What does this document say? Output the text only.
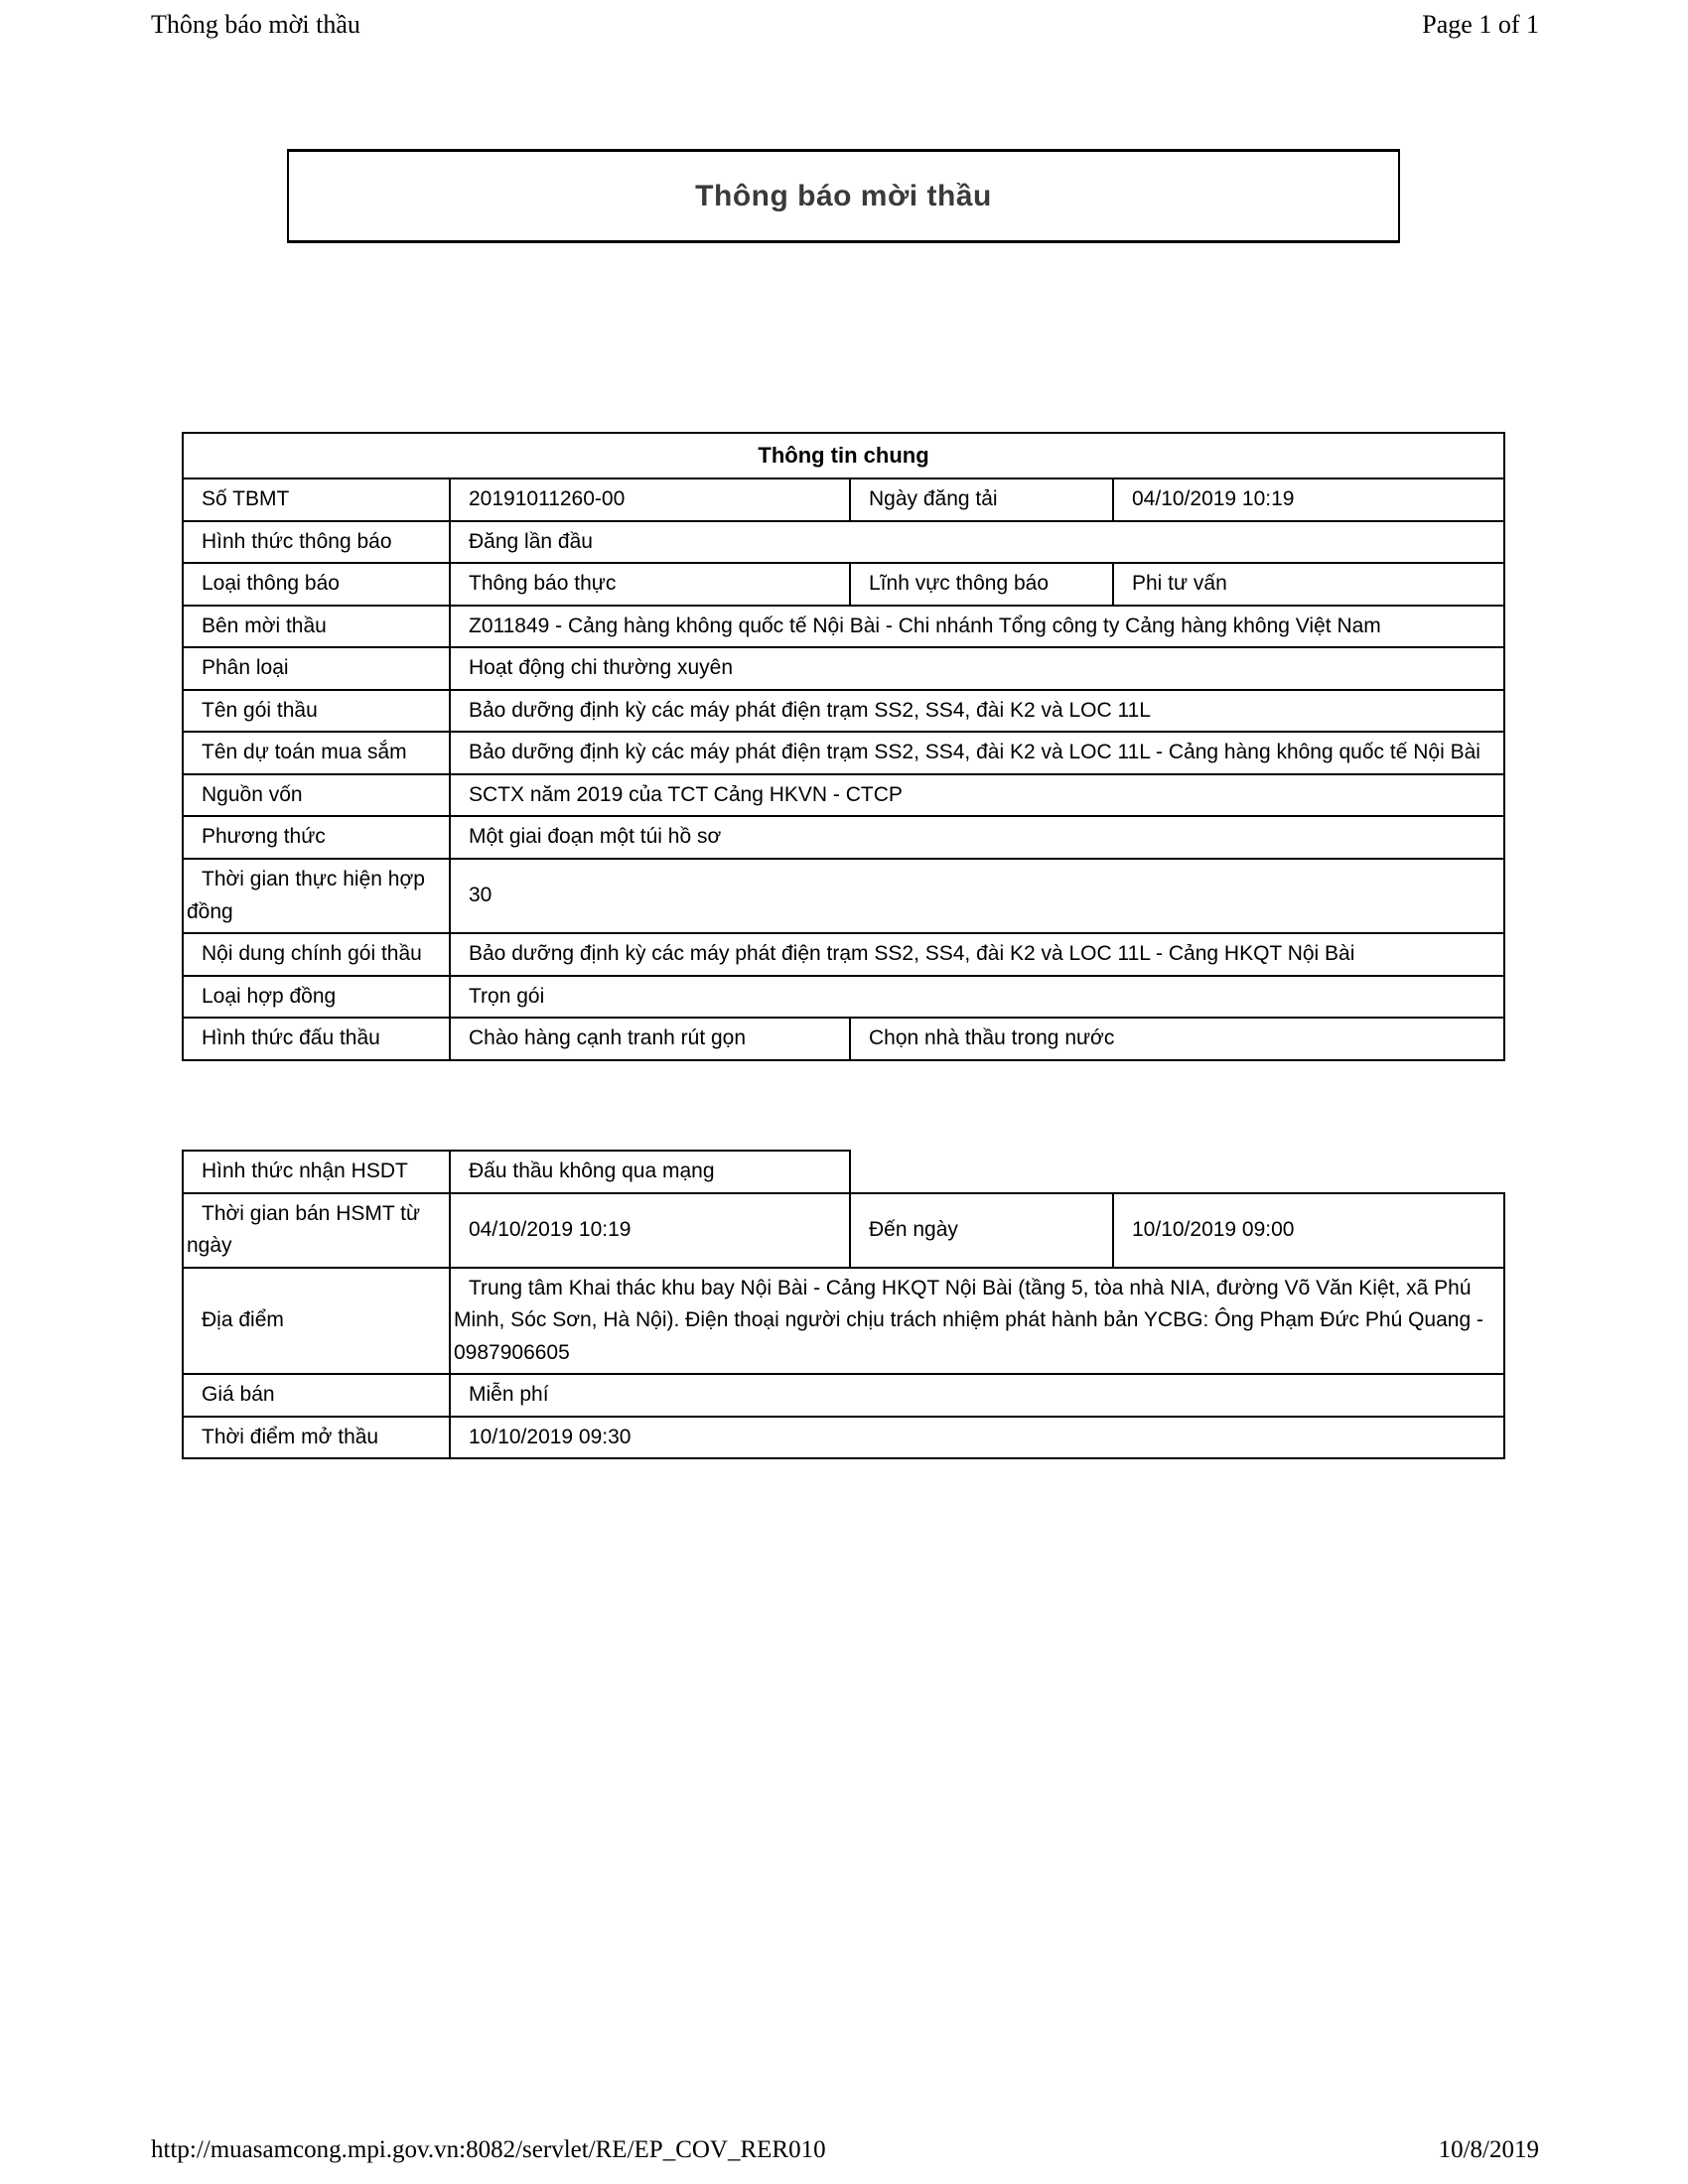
Thông báo mời thầu	Page 1 of 1
Thông báo mời thầu
Thông tin chung			
Số TBMT	20191011260-00	Ngày đăng tải	04/10/2019 10:19
Hình thức thông báo	Đăng lần đầu		
Loại thông báo	Thông báo thực	Lĩnh vực thông báo	Phi tư vấn
Bên mời thầu	Z011849 - Cảng hàng không quốc tế Nội Bài - Chi nhánh Tổng công ty Cảng hàng không Việt Nam		
Phân loại	Hoạt động chi thường xuyên		
Tên gói thầu	Bảo dưỡng định kỳ các máy phát điện trạm SS2, SS4, đài K2 và LOC 11L		
Tên dự toán mua sắm	Bảo dưỡng định kỳ các máy phát điện trạm SS2, SS4, đài K2 và LOC 11L - Cảng hàng không quốc tế Nội Bài		
Nguồn vốn	SCTX năm 2019 của TCT Cảng HKVN - CTCP		
Phương thức	Một giai đoạn một túi hồ sơ		
Thời gian thực hiện hợp đồng	30		
Nội dung chính gói thầu	Bảo dưỡng định kỳ các máy phát điện trạm SS2, SS4, đài K2 và LOC 11L - Cảng HKQT Nội Bài		
Loại hợp đồng	Trọn gói		
Hình thức đấu thầu	Chào hàng cạnh tranh rút gọn	Chọn nhà thầu trong nước	
Hình thức nhận HSDT	Đấu thầu không qua mạng		
Thời gian bán HSMT từ ngày	04/10/2019 10:19	Đến ngày	10/10/2019 09:00
Địa điểm	Trung tâm Khai thác khu bay Nội Bài - Cảng HKQT Nội Bài (tầng 5, tòa nhà NIA, đường Võ Văn Kiệt, xã Phú Minh, Sóc Sơn, Hà Nội). Điện thoại người chịu trách nhiệm phát hành bản YCBG: Ông Phạm Đức Phú Quang - 0987906605		
Giá bán	Miễn phí		
Thời điểm mở thầu	10/10/2019 09:30		
http://muasamcong.mpi.gov.vn:8082/servlet/RE/EP_COV_RER010	10/8/2019
